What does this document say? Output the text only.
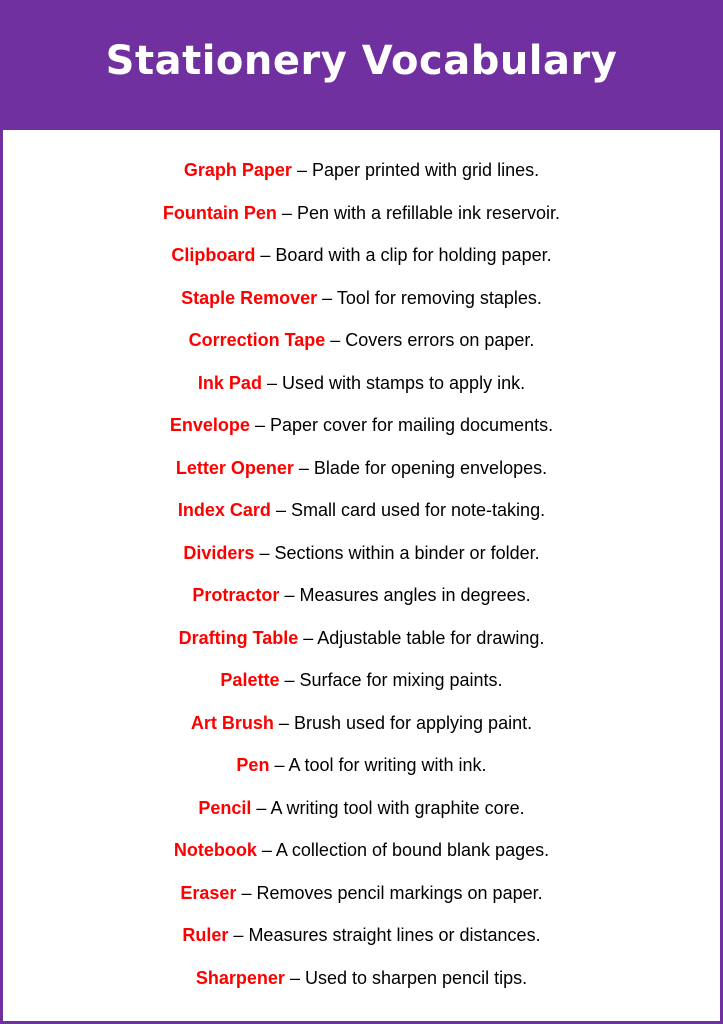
Stationery Vocabulary
Graph Paper – Paper printed with grid lines.
Fountain Pen – Pen with a refillable ink reservoir.
Clipboard – Board with a clip for holding paper.
Staple Remover – Tool for removing staples.
Correction Tape – Covers errors on paper.
Ink Pad – Used with stamps to apply ink.
Envelope – Paper cover for mailing documents.
Letter Opener – Blade for opening envelopes.
Index Card – Small card used for note-taking.
Dividers – Sections within a binder or folder.
Protractor – Measures angles in degrees.
Drafting Table – Adjustable table for drawing.
Palette – Surface for mixing paints.
Art Brush – Brush used for applying paint.
Pen – A tool for writing with ink.
Pencil – A writing tool with graphite core.
Notebook – A collection of bound blank pages.
Eraser – Removes pencil markings on paper.
Ruler – Measures straight lines or distances.
Sharpener – Used to sharpen pencil tips.
